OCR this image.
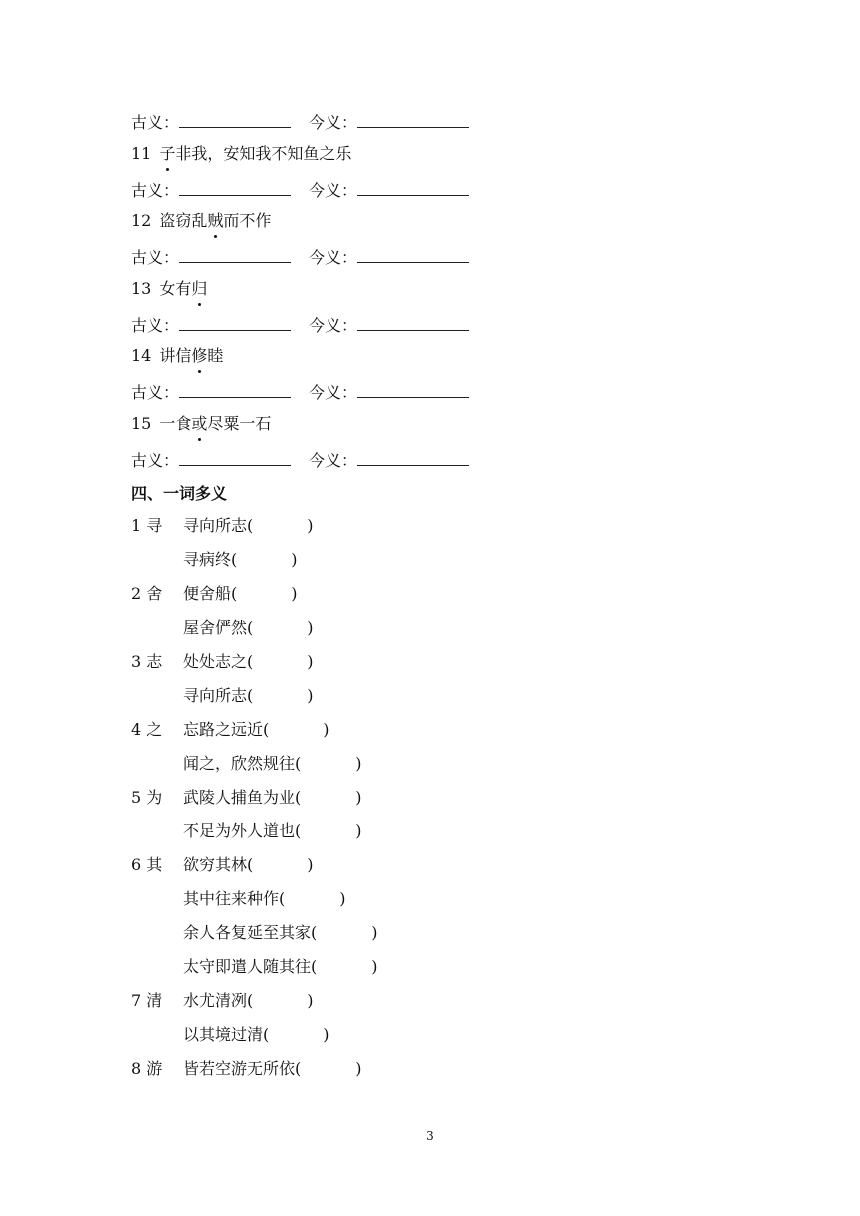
古义：	今义：
11 子非我，安知我不知鱼之乐
古义：	今义：
12 盗窃乱贼而不作
古义：	今义：
13 女有归
古义：	今义：
14 讲信修睦
古义：	今义：
15 一食或尽粟一石
古义：	今义：
四、一词多义
1 寻 寻向所志(	)
寻病终(	)
2 舍 便舍船(	)
屋舍俨然(	)
3 志 处处志之(	)
寻向所志(	)
4 之 忘路之远近(	)
闻之，欣然规往(	)
5 为 武陵人捕鱼为业(	)
不足为外人道也(	)
6 其 欲穷其林(	)
其中往来种作(	)
余人各复延至其家(	)
太守即遣人随其往(	)
7 清 水尤清冽(	)
以其境过清(	)
8 游 皆若空游无所依(	)
3
